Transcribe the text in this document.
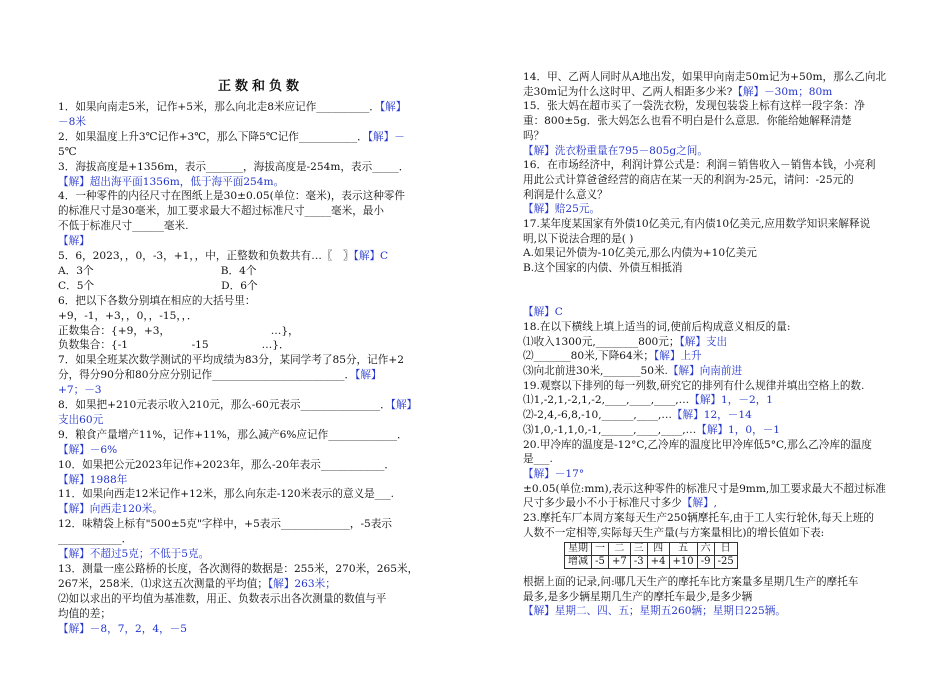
正数和负数
1．如果向南走5米，记作+5米，那么向北走8米应记作__________．【解】
－8米
2．如果温度上升3℃记作+3℃，那么下降5℃记作___________．【解】－
5℃
3．海拔高度是+1356m，表示_______，海拔高度是-254m，表示_____．
【解】超出海平面1356m，低于海平面254m。
4．一种零件的内径尺寸在图纸上是30±0.05(单位：毫米)，表示这种零件
的标准尺寸是30毫米，加工要求最大不超过标准尺寸_____毫米，最小
不低于标准尺寸______毫米.
【解】
5．6，2023，，0，-3，+1，，中，正整数和负数共有…〖　〗【解】C
A．3个　　　　　　　　　　　　B．4个
C．5个　　　　　　　　　　　　D．6个
6．把以下各数分别填在相应的大括号里：
+9，-1，+3，，0，，-15，，．
正数集合：{+9，+3，　　　　　　　　　　…}，
负数集合：{-1　　　　　　-15　　　　　…}．
7．如果全班某次数学测试的平均成绩为83分，某同学考了85分，记作+2
分，得分90分和80分应分别记作_________________________．【解】
+7；－3
8．如果把+210元表示收入210元，那么-60元表示_______________．【解】
支出60元
9．粮食产量增产11%，记作+11%，那么减产6%应记作_____________．
【解】－6%
10．如果把公元2023年记作+2023年，那么-20年表示____________．
【解】1988年
11．如果向西走12米记作+12米，那么向东走-120米表示的意义是___.
【解】向西走120米。
12．味精袋上标有"500±5克"字样中，+5表示_____________，-5表示
____________．
【解】不超过5克；不低于5克。
13．测量一座公路桥的长度，各次测得的数据是：255米，270米，265米，
267米，258米．⑴求这五次测量的平均值；【解】263米；
⑵如以求出的平均值为基准数，用正、负数表示出各次测量的数值与平
均值的差；
【解】－8，7，2，4，－5
14．甲、乙两人同时从A地出发，如果甲向南走50m记为+50m，那么乙向北
走30m记为什么这时甲、乙两人相距多少米?【解】－30m；80m
15．张大妈在超市买了一袋洗衣粉，发现包装袋上标有这样一段字条：净
重：800±5g．张大妈怎么也看不明白是什么意思．你能给她解释清楚
吗？
【解】洗衣粉重量在795－805g之间。
16．在市场经济中，利润计算公式是：利润＝销售收入－销售本钱，小亮利
用此公式计算爸爸经营的商店在某一天的利润为-25元，请问：-25元的
利润是什么意义？
【解】赔25元。
17.某年度某国家有外债10亿美元,有内债10亿美元,应用数学知识来解释说
明,以下说法合理的是( )
A.如果记外债为-10亿美元,那么内债为+10亿美元
B.这个国家的内债、外债互相抵消
【解】C
18.在以下横线上填上适当的词,使前后构成意义相反的量:
⑴收入1300元,________800元；【解】支出
⑵_______80米,下降64米；【解】上升
⑶向北前进30米,_______50米.【解】向南前进
19.观察以下排列的每一列数,研究它的排列有什么规律并填出空格上的数.
⑴1,-2,1,-2,1,-2,____,____,____,…【解】1，－2，1
⑵-2,4,-6,8,-10,______,____,…【解】12，－14
⑶1,0,-1,1,0,-1,______,____,____,…【解】1，0，－1
20.甲冷库的温度是-12°C,乙冷库的温度比甲冷库低5°C,那么乙冷库的温度
是___.
【解】－17°
±0.05(单位:mm),表示这种零件的标准尺寸是9mm,加工要求最大不超过标准
尺寸多少最小不小于标准尺寸多少【解】,
23.摩托车厂本周方案每天生产250辆摩托车,由于工人实行轮休,每天上班的
人数不一定相等,实际每天生产量(与方案量相比)的增长值如下表:
星期	一	二	三	四	五	六	日
增减	-5	+7	-3	+4	+10	-9	-25
根据上面的记录,问:哪几天生产的摩托车比方案量多星期几生产的摩托车
最多,是多少辆星期几生产的摩托车最少,是多少辆
【解】星期二、四、五；星期五260辆；星期日225辆。
